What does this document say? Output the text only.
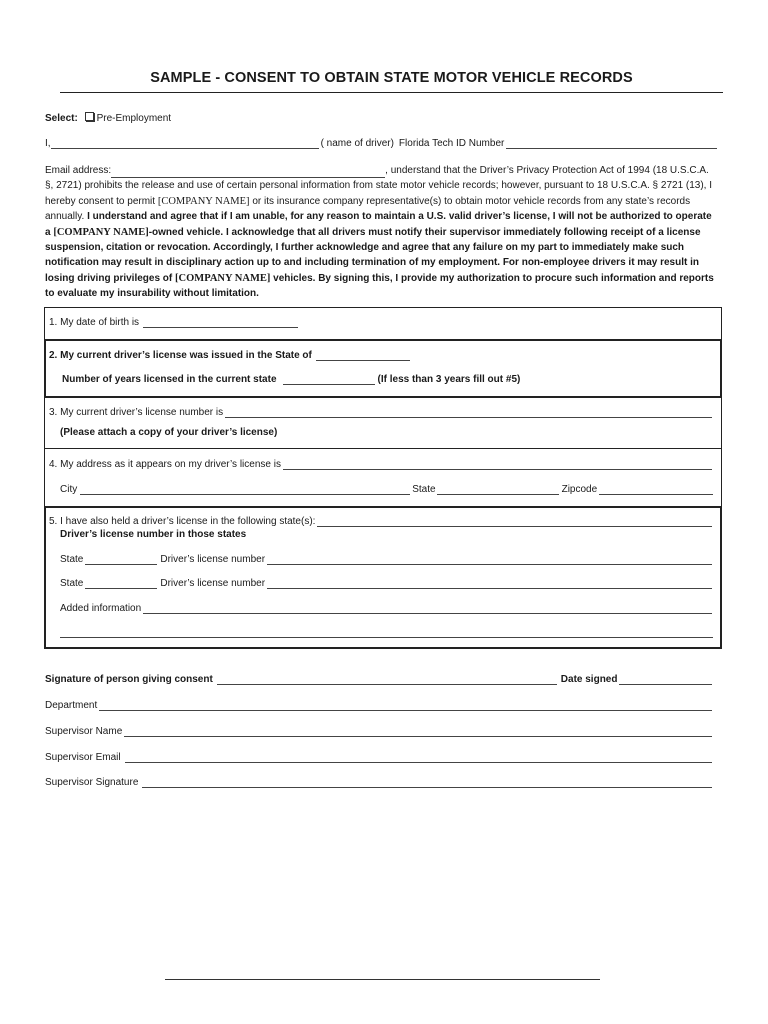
SAMPLE - CONSENT TO OBTAIN STATE MOTOR VEHICLE RECORDS
Select: Pre-Employment
I,	( name of driver) Florida Tech ID Number
Email address:	, understand that the Driver’s Privacy Protection Act of 1994 (18 U.S.C.A. §, 2721) prohibits the release and use of certain personal information from state motor vehicle records; however, pursuant to 18 U.S.C.A. § 2721 (13), I hereby consent to permit [COMPANY NAME] or its insurance company representative(s) to obtain motor vehicle records from any state’s records annually. I understand and agree that if I am unable, for any reason to maintain a U.S. valid driver’s license, I will not be authorized to operate a [COMPANY NAME]-owned vehicle. I acknowledge that all drivers must notify their supervisor immediately following receipt of a license suspension, citation or revocation. Accordingly, I further acknowledge and agree that any failure on my part to immediately make such notification may result in disciplinary action up to and including termination of my employment. For non-employee drivers it may result in losing driving privileges of [COMPANY NAME] vehicles. By signing this, I provide my authorization to procure such information and reports to evaluate my insurability without limitation.
1. My date of birth is
2. My current driver’s license was issued in the State of
Number of years licensed in the current state	(If less than 3 years fill out #5)
3. My current driver’s license number is
(Please attach a copy of your driver’s license)
4. My address as it appears on my driver’s license is
City	State	Zipcode
5. I have also held a driver’s license in the following state(s):
Driver’s license number in those states
State	Driver’s license number
State	Driver’s license number
Added information
Signature of person giving consent	Date signed
Department
Supervisor Name
Supervisor Email
Supervisor Signature
